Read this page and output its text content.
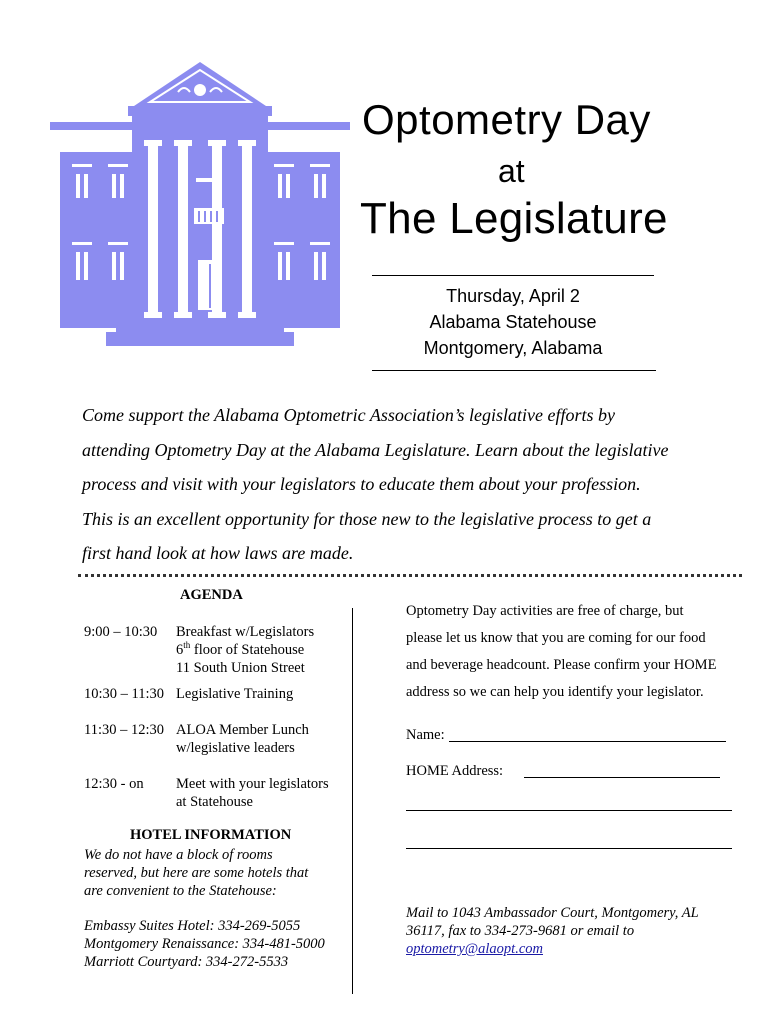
Optometry Day
at
The Legislature
Thursday, April 2
Alabama Statehouse
Montgomery, Alabama

Come support the Alabama Optometric Association’s legislative efforts by

attending Optometry Day at the Alabama Legislature. Learn about the legislative

process and visit with your legislators to educate them about your profession.

This is an excellent opportunity for those new to the legislative process to get a

first hand look at how laws are made.

AGENDA
9:00 – 10:30 Breakfast w/Legislators
6th floor of Statehouse
11 South Union Street
10:30 – 11:30 Legislative Training
11:30 – 12:30 ALOA Member Lunch
w/legislative leaders
12:30 - on Meet with your legislators
at Statehouse
HOTEL INFORMATION
We do not have a block of rooms
reserved, but here are some hotels that
are convenient to the Statehouse:
Embassy Suites Hotel: 334-269-5055
Montgomery Renaissance: 334-481-5000
Marriott Courtyard: 334-272-5533
Optometry Day activities are free of charge, but
please let us know that you are coming for our food
and beverage headcount. Please confirm your HOME
address so we can help you identify your legislator.
Name:
HOME Address:
Mail to 1043 Ambassador Court, Montgomery, AL
36117, fax to 334-273-9681 or email to
optometry@alaopt.com
